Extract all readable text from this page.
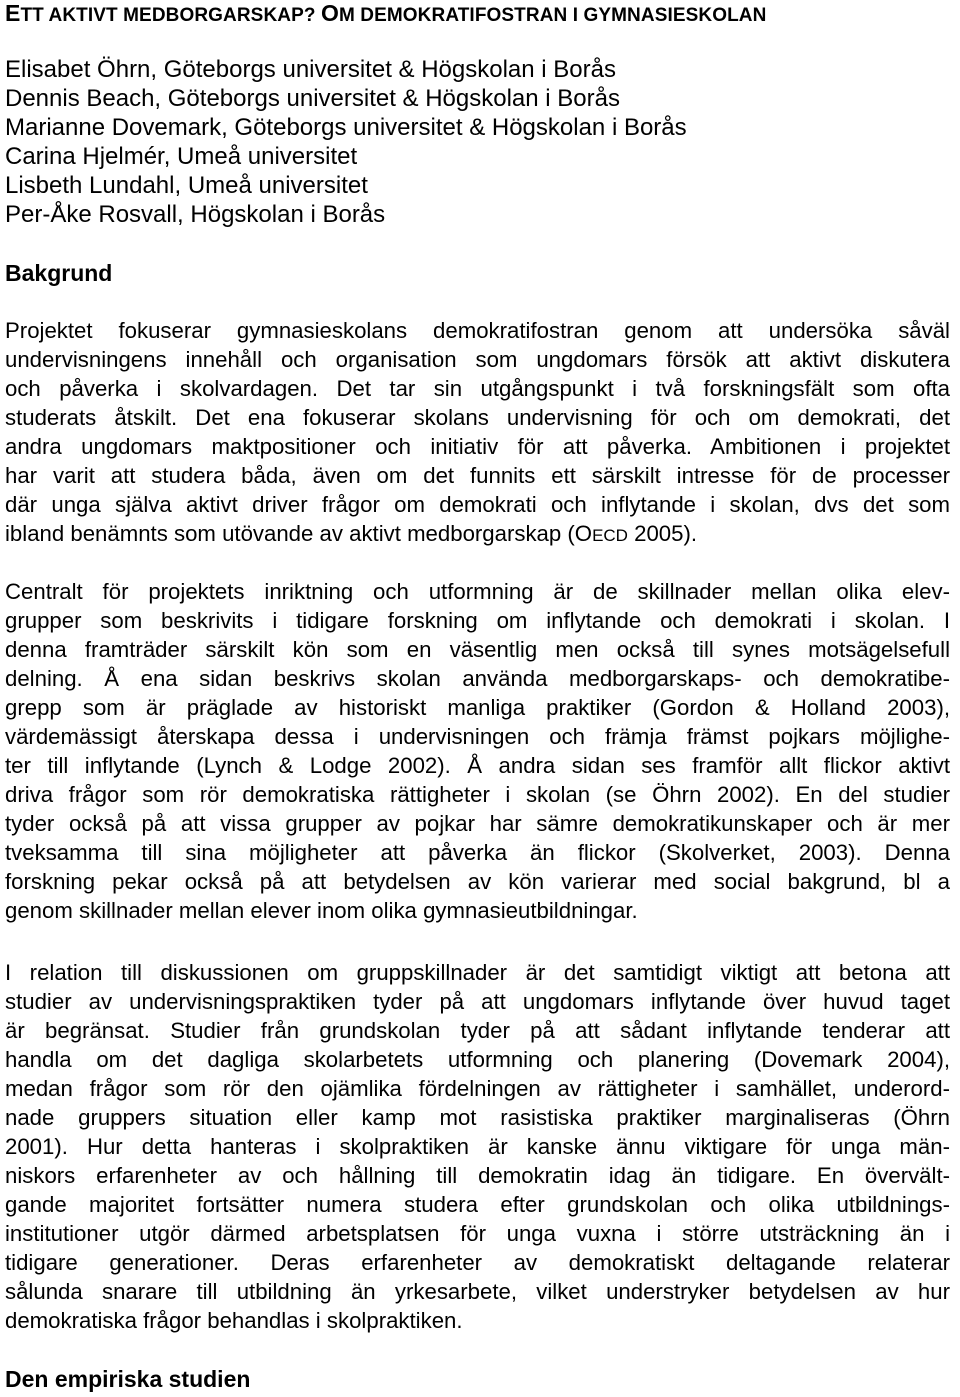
ETT AKTIVT MEDBORGARSKAP? OM DEMOKRATIFOSTRAN I GYMNASIESKOLAN
Elisabet Öhrn, Göteborgs universitet & Högskolan i Borås
Dennis Beach, Göteborgs universitet & Högskolan i Borås
Marianne Dovemark, Göteborgs universitet & Högskolan i Borås
Carina Hjelmér, Umeå universitet
Lisbeth Lundahl, Umeå universitet
Per-Åke Rosvall, Högskolan i Borås
Bakgrund
Projektet fokuserar gymnasieskolans demokratifostran genom att undersöka såväl
undervisningens innehåll och organisation som ungdomars försök att aktivt diskutera
och påverka i skolvardagen. Det tar sin utgångspunkt i två forskningsfält som ofta
studerats åtskilt. Det ena fokuserar skolans undervisning för och om demokrati, det
andra ungdomars maktpositioner och initiativ för att påverka. Ambitionen i projektet
har varit att studera båda, även om det funnits ett särskilt intresse för de processer
där unga själva aktivt driver frågor om demokrati och inflytande i skolan, dvs det som
ibland benämnts som utövande av aktivt medborgarskap (OECD 2005).
Centralt för projektets inriktning och utformning är de skillnader mellan olika elev-
grupper som beskrivits i tidigare forskning om inflytande och demokrati i skolan. I
denna framträder särskilt kön som en väsentlig men också till synes motsägelsefull
delning. Å ena sidan beskrivs skolan använda medborgarskaps- och demokratibe-
grepp som är präglade av historiskt manliga praktiker (Gordon & Holland 2003),
värdemässigt återskapa dessa i undervisningen och främja främst pojkars möjlighe-
ter till inflytande (Lynch & Lodge 2002). Å andra sidan ses framför allt flickor aktivt
driva frågor som rör demokratiska rättigheter i skolan (se Öhrn 2002). En del studier
tyder också på att vissa grupper av pojkar har sämre demokratikunskaper och är mer
tveksamma till sina möjligheter att påverka än flickor (Skolverket, 2003). Denna
forskning pekar också på att betydelsen av kön varierar med social bakgrund, bl a
genom skillnader mellan elever inom olika gymnasieutbildningar.
I relation till diskussionen om gruppskillnader är det samtidigt viktigt att betona att
studier av undervisningspraktiken tyder på att ungdomars inflytande över huvud taget
är begränsat. Studier från grundskolan tyder på att sådant inflytande tenderar att
handla om det dagliga skolarbetets utformning och planering (Dovemark 2004),
medan frågor som rör den ojämlika fördelningen av rättigheter i samhället, underord-
nade gruppers situation eller kamp mot rasistiska praktiker marginaliseras (Öhrn
2001). Hur detta hanteras i skolpraktiken är kanske ännu viktigare för unga män-
niskors erfarenheter av och hållning till demokratin idag än tidigare. En övervält-
gande majoritet fortsätter numera studera efter grundskolan och olika utbildnings-
institutioner utgör därmed arbetsplatsen för unga vuxna i större utsträckning än i
tidigare generationer. Deras erfarenheter av demokratiskt deltagande relaterar
sålunda snarare till utbildning än yrkesarbete, vilket understryker betydelsen av hur
demokratiska frågor behandlas i skolpraktiken.
Den empiriska studien
